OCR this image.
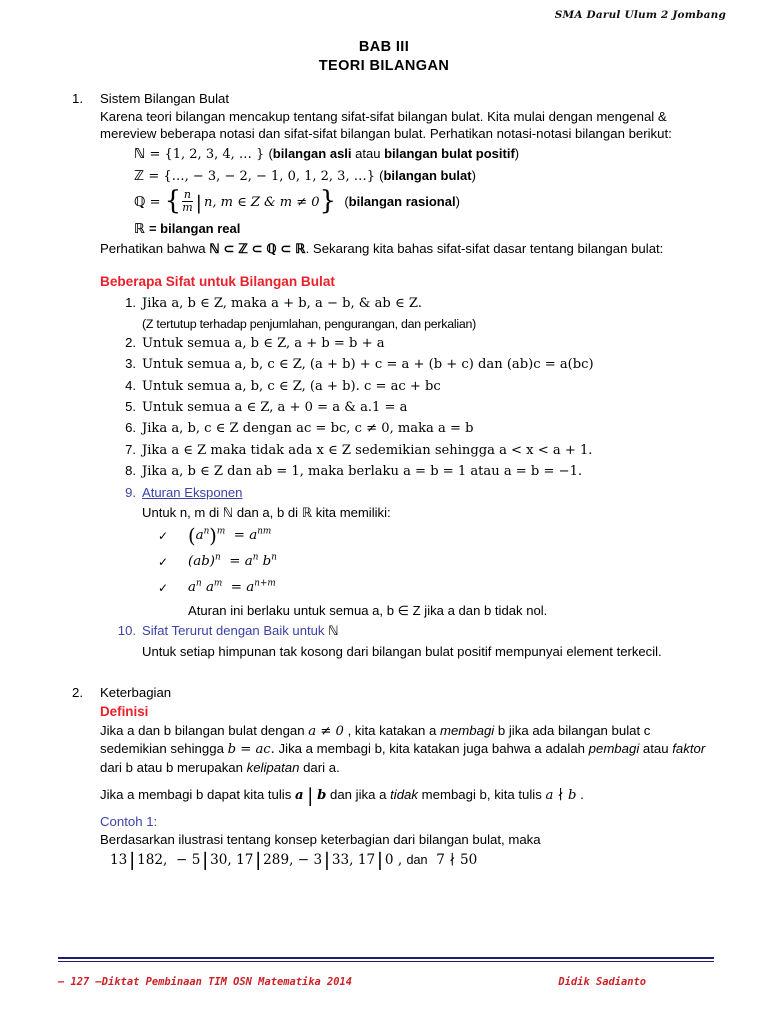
SMA Darul Ulum 2 Jombang
BAB III
TEORI BILANGAN
1.	Sistem Bilangan Bulat

Karena teori bilangan mencakup tentang sifat-sifat bilangan bulat. Kita mulai dengan mengenal & mereview beberapa notasi dan sifat-sifat bilangan bulat. Perhatikan notasi-notasi bilangan berikut:

ℕ = {1, 2, 3, 4, … } (bilangan asli atau bilangan bulat positif)
ℤ = {…, − 3, − 2, − 1, 0, 1, 2, 3, …} (bilangan bulat)
ℚ = { $\frac{n}{m}$ | n, m ∈ Z & m ≠ 0} (bilangan rasional)
ℝ = bilangan real

Perhatikan bahwa ℕ ⊂ ℤ ⊂ ℚ ⊂ ℝ. Sekarang kita bahas sifat-sifat dasar tentang bilangan bulat:

Beberapa Sifat untuk Bilangan Bulat
1. Jika a, b ∈ Z, maka a + b, a − b, & ab ∈ Z.
(Z tertutup terhadap penjumlahan, pengurangan, dan perkalian)
2. Untuk semua a, b ∈ Z, a + b = b + a
3. Untuk semua a, b, c ∈ Z, (a + b) + c = a + (b + c) dan (ab)c = a(bc)
4. Untuk semua a, b, c ∈ Z, (a + b). c = ac + bc
5. Untuk semua a ∈ Z, a + 0 = a & a.1 = a
6. Jika a, b, c ∈ Z dengan ac = bc, c ≠ 0, maka a = b
7. Jika a ∈ Z maka tidak ada x ∈ Z sedemikian sehingga a < x < a + 1.
8. Jika a, b ∈ Z dan ab = 1, maka berlaku a = b = 1 atau a = b = −1.
9. Aturan Eksponen
Untuk n, m di ℕ dan a, b di ℝ kita memiliki:
✓ $(a^n)^m = a^{nm}$
✓ $(ab)^n = a^n$ $b^n$
✓ $a^n$ $a^m = a^{n+m}$
Aturan ini berlaku untuk semua a, b ∈ Z jika a dan b tidak nol.
10. Sifat Terurut dengan Baik untuk ℕ
Untuk setiap himpunan tak kosong dari bilangan bulat positif mempunyai element terkecil.
2.	Keterbagian

Definisi

Jika a dan b bilangan bulat dengan a ≠ 0 , kita katakan a membagi b jika ada bilangan bulat c sedemikian sehingga b = ac. Jika a membagi b, kita katakan juga bahwa a adalah pembagi atau faktor dari b atau b merupakan kelipatan dari a.

Jika a membagi b dapat kita tulis a ∣ b dan jika a tidak membagi b, kita tulis a ∤ b .

Contoh 1:

Berdasarkan ilustrasi tentang konsep keterbagian dari bilangan bulat, maka

13 ∣ 182, − 5 ∣ 30, 17 ∣ 289, − 3 ∣ 33, 17 ∣ 0 , dan 7 ∤ 50
– 127 –Diktat Pembinaan TIM OSN Matematika 2014	Didik Sadianto
